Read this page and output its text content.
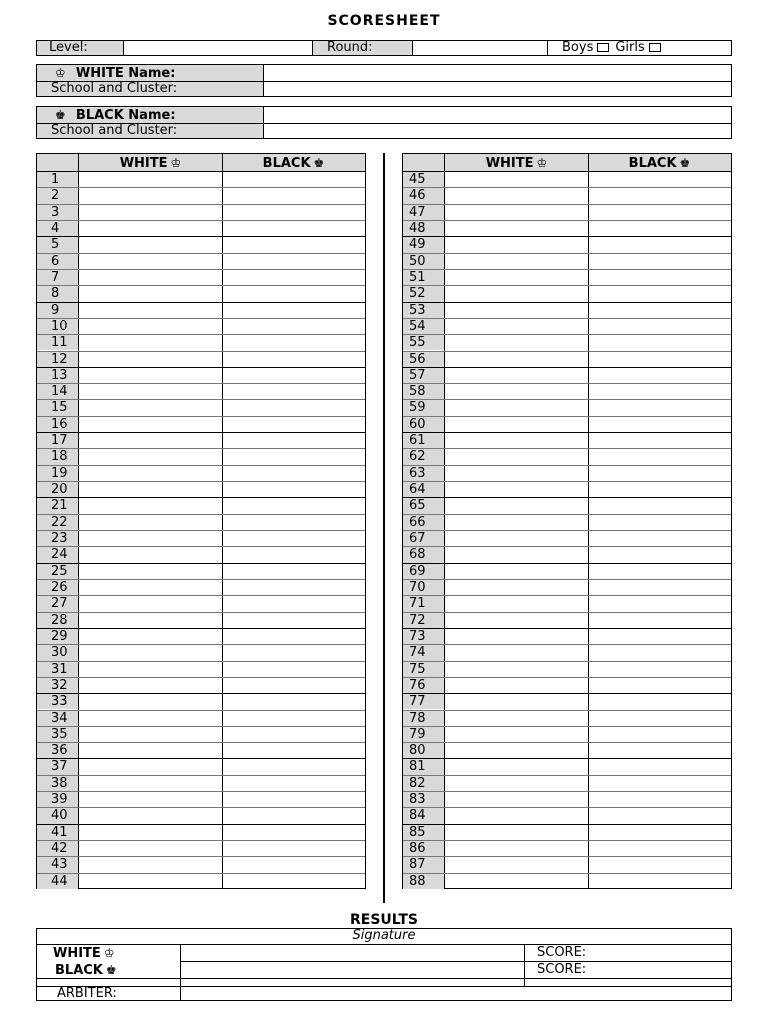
SCORESHEET
Level:	Round:	Boys Girls
♔ WHITE Name:
School and Cluster:
♚ BLACK Name:
School and Cluster:
WHITE ♔	BLACK ♚
1
2
3
4
5
6
7
8
9
10
11
12
13
14
15
16
17
18
19
20
21
22
23
24
25
26
27
28
29
30
31
32
33
34
35
36
37
38
39
40
41
42
43
44
WHITE ♔	BLACK ♚
45
46
47
48
49
50
51
52
53
54
55
56
57
58
59
60
61
62
63
64
65
66
67
68
69
70
71
72
73
74
75
76
77
78
79
80
81
82
83
84
85
86
87
88
RESULTS
Signature
WHITE ♔	SCORE:
BLACK ♚	SCORE:
ARBITER:
